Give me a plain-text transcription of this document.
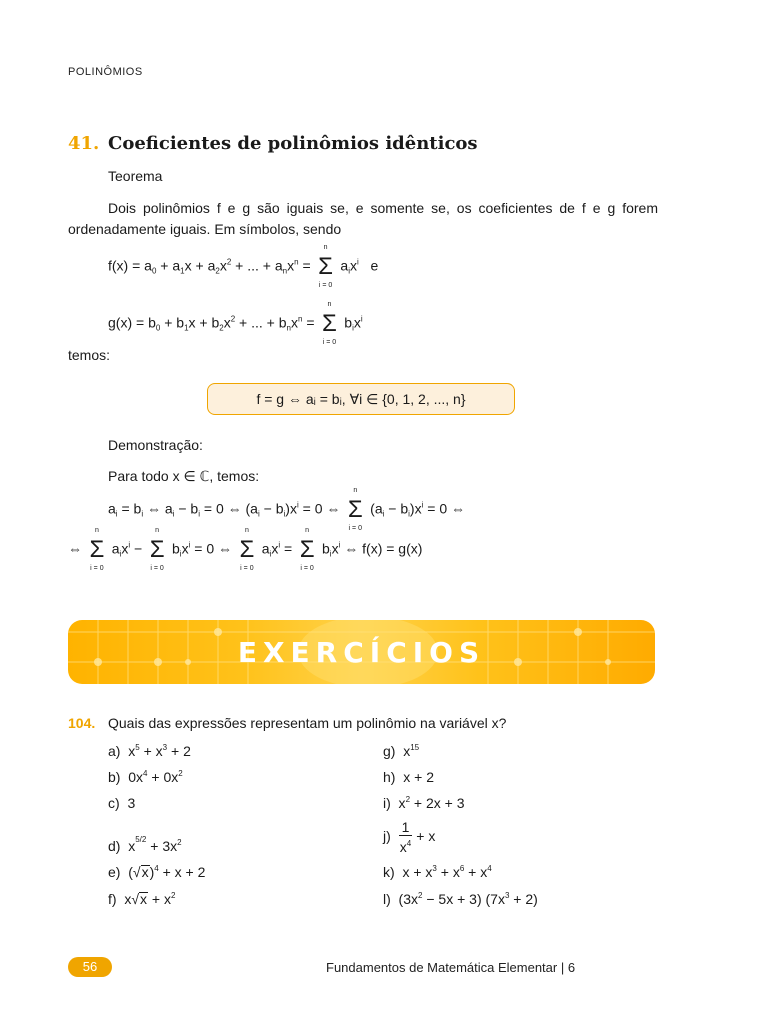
POLINÔMIOS
41. Coeficientes de polinômios idênticos
Teorema
Dois polinômios f e g são iguais se, e somente se, os coeficientes de f e g forem ordenadamente iguais. Em símbolos, sendo
$f(x) = a_0 + a_1x + a_2x^2$ + ... + $a_nx^n = \Sigma$
n
i = 0
$a_ix^i$ e
$g(x) = b_0 + b_1x + b_2x^2$ + ... + $b_nx^n = \Sigma$
n
i = 0
$b_ix^i$
temos:
f = g ⇔ aᵢ = bᵢ, ∀i ∈ {0, 1, 2, ..., n}
Demonstração:
Para todo x ∈ ℂ, temos:
$a_i = b_i$ ⇔ $a_i - b_i = 0$ ⇔ $(a_i - b_i)x^i = 0$ ⇔ Σ
n
i = 0
$(a_i - b_i)x^i = 0$ ⇔
⇔ Σ
n
i = 0
$a_ix^i - \Sigma$
n
i = 0
$b_ix^i = 0$ ⇔ Σ
n
i = 0
$a_ix^i = \Sigma$
n
i = 0
$b_ix^i$ ⇔ f(x) = g(x)
EXERCÍCIOS
104. Quais das expressões representam um polinômio na variável x?
a)  $x^5 + x^3 + 2$
b)  $0x^4 + 0x^2$
c) 3
d)  $x^{5/2} + 3x^2$
e)  $(√x)^4 + x + 2$
f)  $x√x + x^2$
g)  $x^{15}$
h) x + 2
i)  $x^2 + 2x + 3$
$j) \frac{1}{x^4} + x$
k)  $x + x^3 + x^6 + x^4$
l)  $(3x^2 - 5x + 3) (7x^3 + 2)$
56	Fundamentos de Matemática Elementar | 6
